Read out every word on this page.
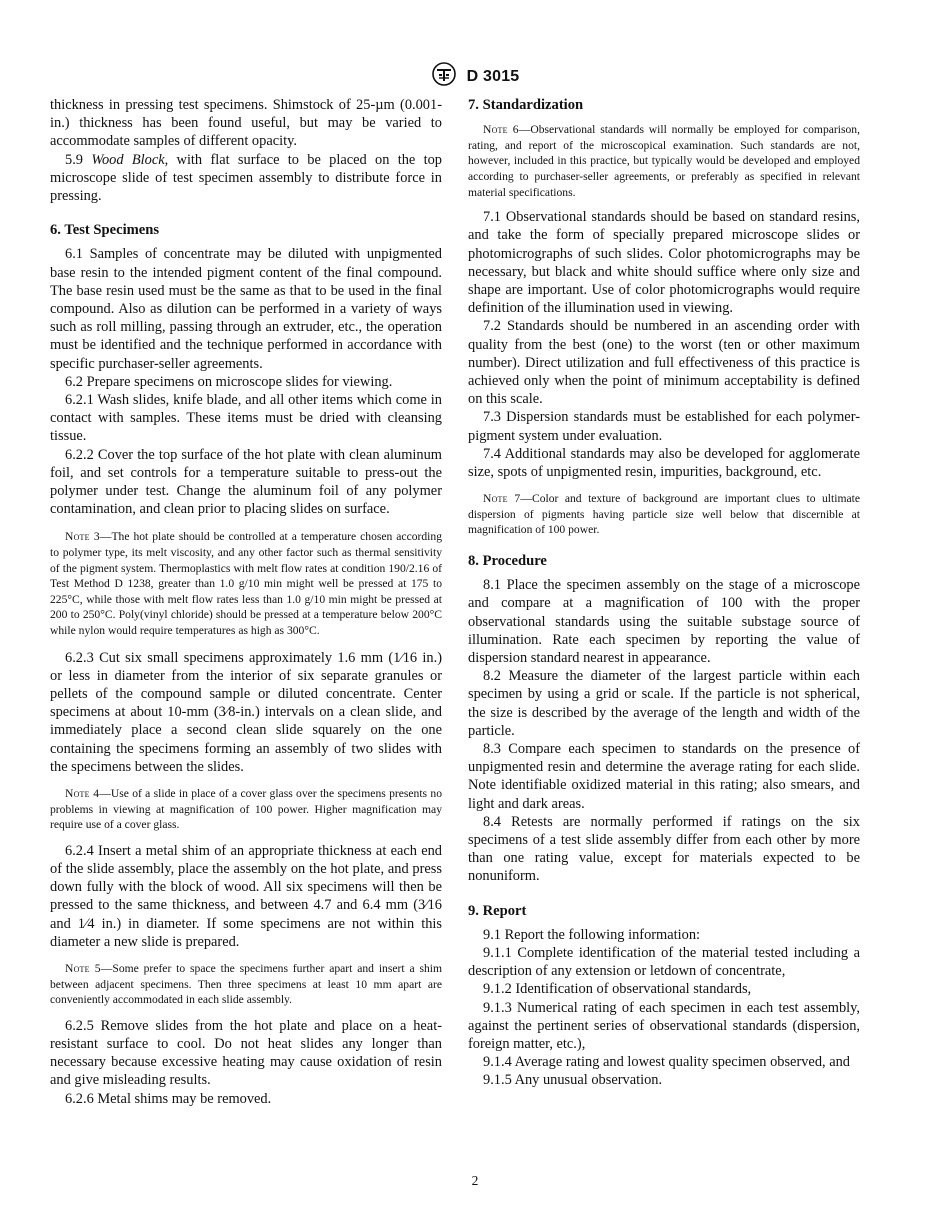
D 3015

thickness in pressing test specimens. Shimstock of 25-µm (0.001-in.) thickness has been found useful, but may be varied to accommodate samples of different opacity.

5.9 Wood Block, with flat surface to be placed on the top microscope slide of test specimen assembly to distribute force in pressing.

6. Test Specimens

6.1 Samples of concentrate may be diluted with unpigmented base resin to the intended pigment content of the final compound. The base resin used must be the same as that to be used in the final compound. Also as dilution can be performed in a variety of ways such as roll milling, passing through an extruder, etc., the operation must be identified and the technique performed in accordance with specific purchaser-seller agreements.

6.2 Prepare specimens on microscope slides for viewing.

6.2.1 Wash slides, knife blade, and all other items which come in contact with samples. These items must be dried with cleansing tissue.

6.2.2 Cover the top surface of the hot plate with clean aluminum foil, and set controls for a temperature suitable to press-out the polymer under test. Change the aluminum foil of any polymer contamination, and clean prior to placing slides on surface.

Note 3—The hot plate should be controlled at a temperature chosen according to polymer type, its melt viscosity, and any other factor such as thermal sensitivity of the pigment system. Thermoplastics with melt flow rates at condition 190/2.16 of Test Method D 1238, greater than 1.0 g/10 min might well be pressed at 175 to 225°C, while those with melt flow rates less than 1.0 g/10 min might be pressed at 200 to 250°C. Poly(vinyl chloride) should be pressed at a temperature below 200°C while nylon would require temperatures as high as 300°C.

6.2.3 Cut six small specimens approximately 1.6 mm (1⁄16 in.) or less in diameter from the interior of six separate granules or pellets of the compound sample or diluted concentrate. Center specimens at about 10-mm (3⁄8-in.) intervals on a clean slide, and immediately place a second clean slide squarely on the one containing the specimens forming an assembly of two slides with the specimens between the slides.

Note 4—Use of a slide in place of a cover glass over the specimens presents no problems in viewing at magnification of 100 power. Higher magnification may require use of a cover glass.

6.2.4 Insert a metal shim of an appropriate thickness at each end of the slide assembly, place the assembly on the hot plate, and press down fully with the block of wood. All six specimens will then be pressed to the same thickness, and between 4.7 and 6.4 mm (3⁄16 and 1⁄4 in.) in diameter. If some specimens are not within this diameter a new slide is prepared.

Note 5—Some prefer to space the specimens further apart and insert a shim between adjacent specimens. Then three specimens at least 10 mm apart are conveniently accommodated in each slide assembly.

6.2.5 Remove slides from the hot plate and place on a heat-resistant surface to cool. Do not heat slides any longer than necessary because excessive heating may cause oxidation of resin and give misleading results.

6.2.6 Metal shims may be removed.

7. Standardization

Note 6—Observational standards will normally be employed for comparison, rating, and report of the microscopical examination. Such standards are not, however, included in this practice, but typically would be developed and employed according to purchaser-seller agreements, or preferably as specified in relevant material specifications.

7.1 Observational standards should be based on standard resins, and take the form of specially prepared microscope slides or photomicrographs of such slides. Color photomicrographs may be necessary, but black and white should suffice where only size and shape are important. Use of color photomicrographs would require definition of the illumination used in viewing.

7.2 Standards should be numbered in an ascending order with quality from the best (one) to the worst (ten or other maximum number). Direct utilization and full effectiveness of this practice is achieved only when the point of minimum acceptability is defined on this scale.

7.3 Dispersion standards must be established for each polymer-pigment system under evaluation.

7.4 Additional standards may also be developed for agglomerate size, spots of unpigmented resin, impurities, background, etc.

Note 7—Color and texture of background are important clues to ultimate dispersion of pigments having particle size well below that discernible at magnification of 100 power.

8. Procedure

8.1 Place the specimen assembly on the stage of a microscope and compare at a magnification of 100 with the proper observational standards using the suitable substage source of illumination. Rate each specimen by reporting the value of dispersion standard nearest in appearance.

8.2 Measure the diameter of the largest particle within each specimen by using a grid or scale. If the particle is not spherical, the size is described by the average of the length and width of the particle.

8.3 Compare each specimen to standards on the presence of unpigmented resin and determine the average rating for each slide. Note identifiable oxidized material in this rating; also smears, and light and dark areas.

8.4 Retests are normally performed if ratings on the six specimens of a test slide assembly differ from each other by more than one rating value, except for materials expected to be nonuniform.

9. Report

9.1 Report the following information:

9.1.1 Complete identification of the material tested including a description of any extension or letdown of concentrate,

9.1.2 Identification of observational standards,

9.1.3 Numerical rating of each specimen in each test assembly, against the pertinent series of observational standards (dispersion, foreign matter, etc.),

9.1.4 Average rating and lowest quality specimen observed, and

9.1.5 Any unusual observation.

2
